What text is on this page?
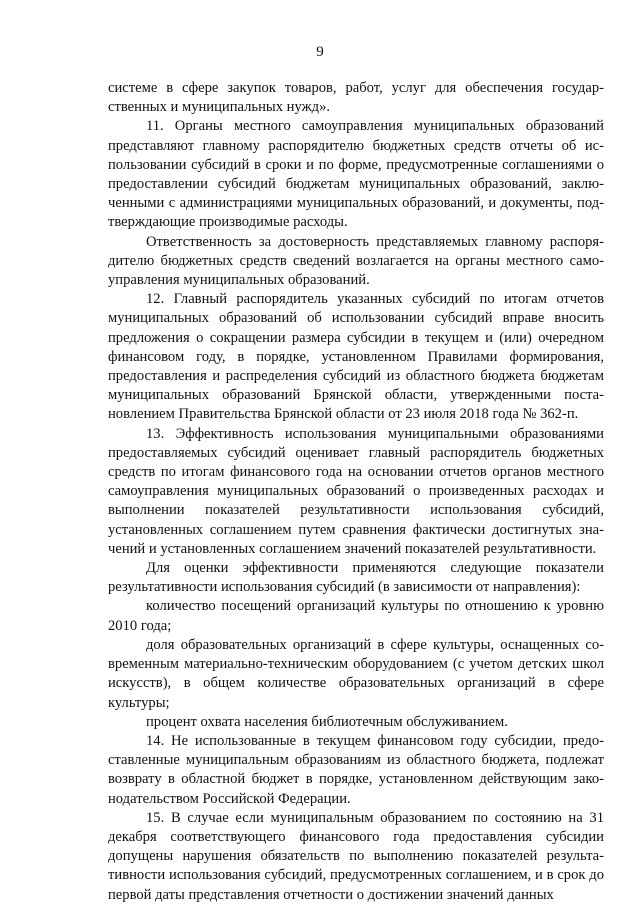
9

системе в сфере закупок товаров, работ, услуг для обеспечения государственных и муниципальных нужд».

11. Органы местного самоуправления муниципальных образований представляют главному распорядителю бюджетных средств отчеты об использовании субсидий в сроки и по форме, предусмотренные соглашениями о предоставлении субсидий бюджетам муниципальных образований, заключенными с администрациями муниципальных образований, и документы, подтверждающие производимые расходы.

Ответственность за достоверность представляемых главному распорядителю бюджетных средств сведений возлагается на органы местного самоуправления муниципальных образований.

12. Главный распорядитель указанных субсидий по итогам отчетов муниципальных образований об использовании субсидий вправе вносить предложения о сокращении размера субсидии в текущем и (или) очередном финансовом году, в порядке, установленном Правилами формирования, предоставления и распределения субсидий из областного бюджета бюджетам муниципальных образований Брянской области, утвержденными постановлением Правительства Брянской области от 23 июля 2018 года № 362-п.

13. Эффективность использования муниципальными образованиями предоставляемых субсидий оценивает главный распорядитель бюджетных средств по итогам финансового года на основании отчетов органов местного самоуправления муниципальных образований о произведенных расходах и выполнении показателей результативности использования субсидий, установленных соглашением путем сравнения фактически достигнутых значений и установленных соглашением значений показателей результативности.

Для оценки эффективности применяются следующие показатели результативности использования субсидий (в зависимости от направления):

количество посещений организаций культуры по отношению к уровню 2010 года;

доля образовательных организаций в сфере культуры, оснащенных современным материально-техническим оборудованием (с учетом детских школ искусств), в общем количестве образовательных организаций в сфере культуры;

процент охвата населения библиотечным обслуживанием.

14. Не использованные в текущем финансовом году субсидии, предоставленные муниципальным образованиям из областного бюджета, подлежат возврату в областной бюджет в порядке, установленном действующим законодательством Российской Федерации.

15. В случае если муниципальным образованием по состоянию на 31 декабря соответствующего финансового года предоставления субсидии допущены нарушения обязательств по выполнению показателей результативности использования субсидий, предусмотренных соглашением, и в срок до первой даты представления отчетности о достижении значений данных
